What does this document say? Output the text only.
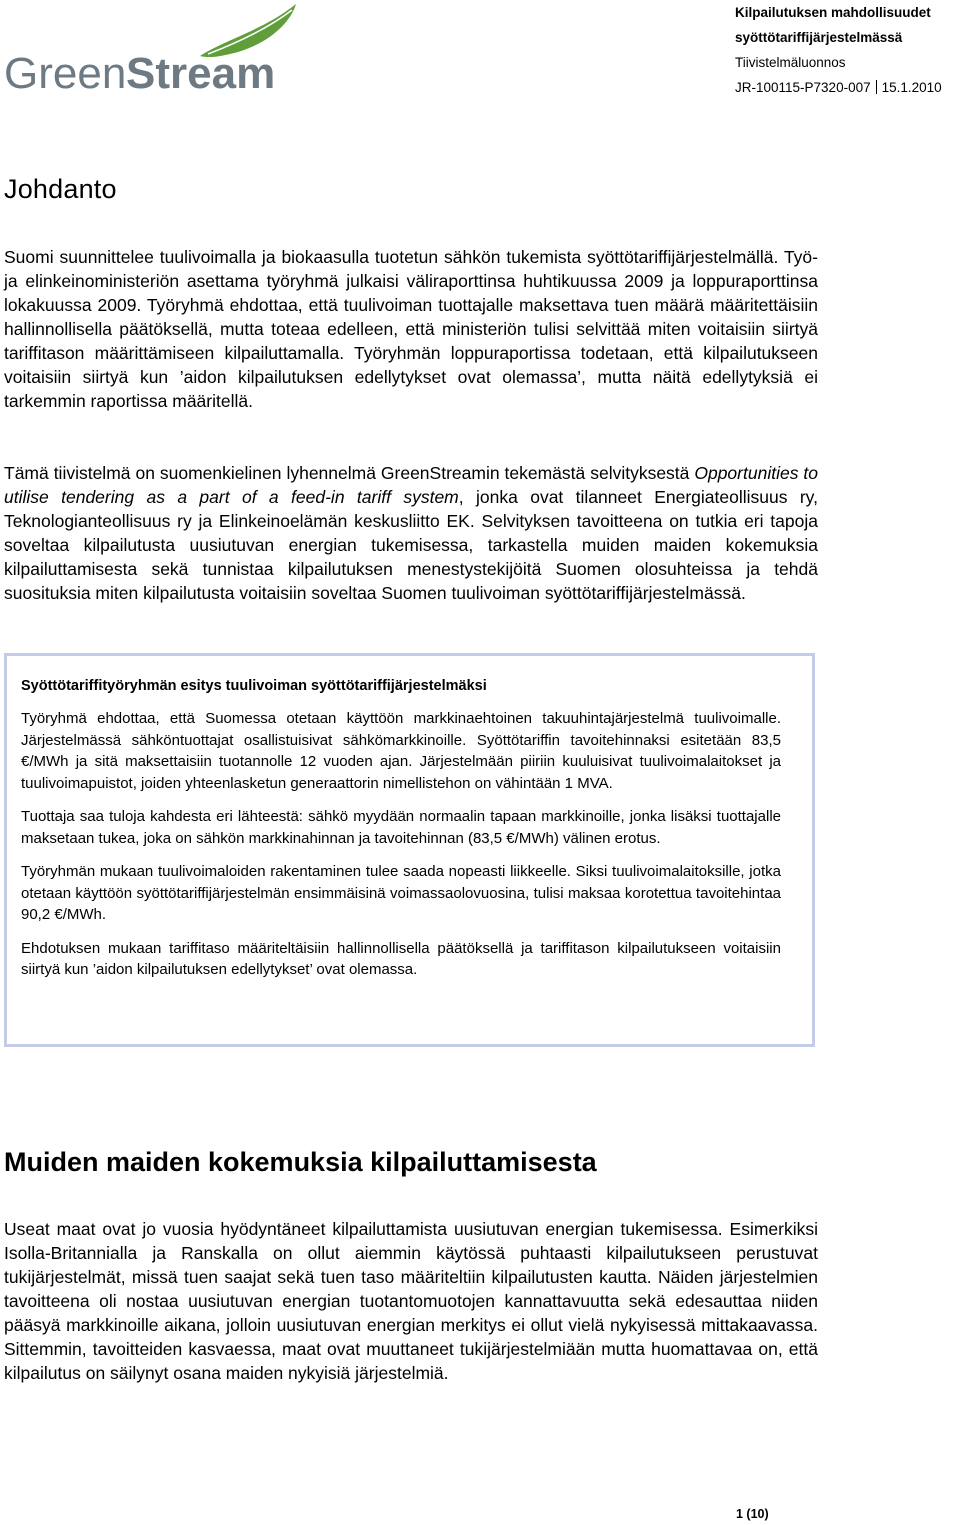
Green Stream
Kilpailutuksen mahdollisuudet
syöttötariffijärjestelmässä
Tiivistelmäluonnos
JR-100115-P7320-007 15.1.2010
Johdanto

Suomi suunnittelee tuulivoimalla ja biokaasulla tuotetun sähkön tukemista syöttötariffijärjestelmällä. Työ- ja elinkeinoministeriön asettama työryhmä julkaisi väliraporttinsa huhtikuussa 2009 ja loppuraporttinsa lokakuussa 2009. Työryhmä ehdottaa, että tuulivoiman tuottajalle maksettava tuen määrä määritettäisiin hallinnollisella päätöksellä, mutta toteaa edelleen, että ministeriön tulisi selvittää miten voitaisiin siirtyä tariffitason määrittämiseen kilpailuttamalla. Työryhmän loppuraportissa todetaan, että kilpailutukseen voitaisiin siirtyä kun ’aidon kilpailutuksen edellytykset ovat olemassa’, mutta näitä edellytyksiä ei tarkemmin raportissa määritellä.

Tämä tiivistelmä on suomenkielinen lyhennelmä GreenStreamin tekemästä selvityksestä Opportunities to utilise tendering as a part of a feed-in tariff system, jonka ovat tilanneet Energiateollisuus ry, Teknologianteollisuus ry ja Elinkeinoelämän keskusliitto EK. Selvityksen tavoitteena on tutkia eri tapoja soveltaa kilpailutusta uusiutuvan energian tukemisessa, tarkastella muiden maiden kokemuksia kilpailuttamisesta sekä tunnistaa kilpailutuksen menestystekijöitä Suomen olosuhteissa ja tehdä suosituksia miten kilpailutusta voitaisiin soveltaa Suomen tuulivoiman syöttötariffijärjestelmässä.

Syöttötariffityöryhmän esitys tuulivoiman syöttötariffijärjestelmäksi

Työryhmä ehdottaa, että Suomessa otetaan käyttöön markkinaehtoinen takuuhintajärjestelmä tuulivoimalle. Järjestelmässä sähköntuottajat osallistuisivat sähkömarkkinoille. Syöttötariffin tavoitehinnaksi esitetään 83,5 €/MWh ja sitä maksettaisiin tuotannolle 12 vuoden ajan. Järjestelmään piiriin kuuluisivat tuulivoimalaitokset ja tuulivoimapuistot, joiden yhteenlasketun generaattorin nimellistehon on vähintään 1 MVA.

Tuottaja saa tuloja kahdesta eri lähteestä: sähkö myydään normaalin tapaan markkinoille, jonka lisäksi tuottajalle maksetaan tukea, joka on sähkön markkinahinnan ja tavoitehinnan (83,5 €/MWh) välinen erotus.

Työryhmän mukaan tuulivoimaloiden rakentaminen tulee saada nopeasti liikkeelle. Siksi tuulivoimalaitoksille, jotka otetaan käyttöön syöttötariffijärjestelmän ensimmäisinä voimassaolovuosina, tulisi maksaa korotettua tavoitehintaa 90,2 €/MWh.

Ehdotuksen mukaan tariffitaso määriteltäisiin hallinnollisella päätöksellä ja tariffitason kilpailutukseen voitaisiin siirtyä kun ’aidon kilpailutuksen edellytykset’ ovat olemassa.

Muiden maiden kokemuksia kilpailuttamisesta

Useat maat ovat jo vuosia hyödyntäneet kilpailuttamista uusiutuvan energian tukemisessa. Esimerkiksi Isolla-Britannialla ja Ranskalla on ollut aiemmin käytössä puhtaasti kilpailutukseen perustuvat tukijärjestelmät, missä tuen saajat sekä tuen taso määriteltiin kilpailutusten kautta. Näiden järjestelmien tavoitteena oli nostaa uusiutuvan energian tuotantomuotojen kannattavuutta sekä edesauttaa niiden pääsyä markkinoille aikana, jolloin uusiutuvan energian merkitys ei ollut vielä nykyisessä mittakaavassa. Sittemmin, tavoitteiden kasvaessa, maat ovat muuttaneet tukijärjestelmiään mutta huomattavaa on, että kilpailutus on säilynyt osana maiden nykyisiä järjestelmiä.

1 (10)
